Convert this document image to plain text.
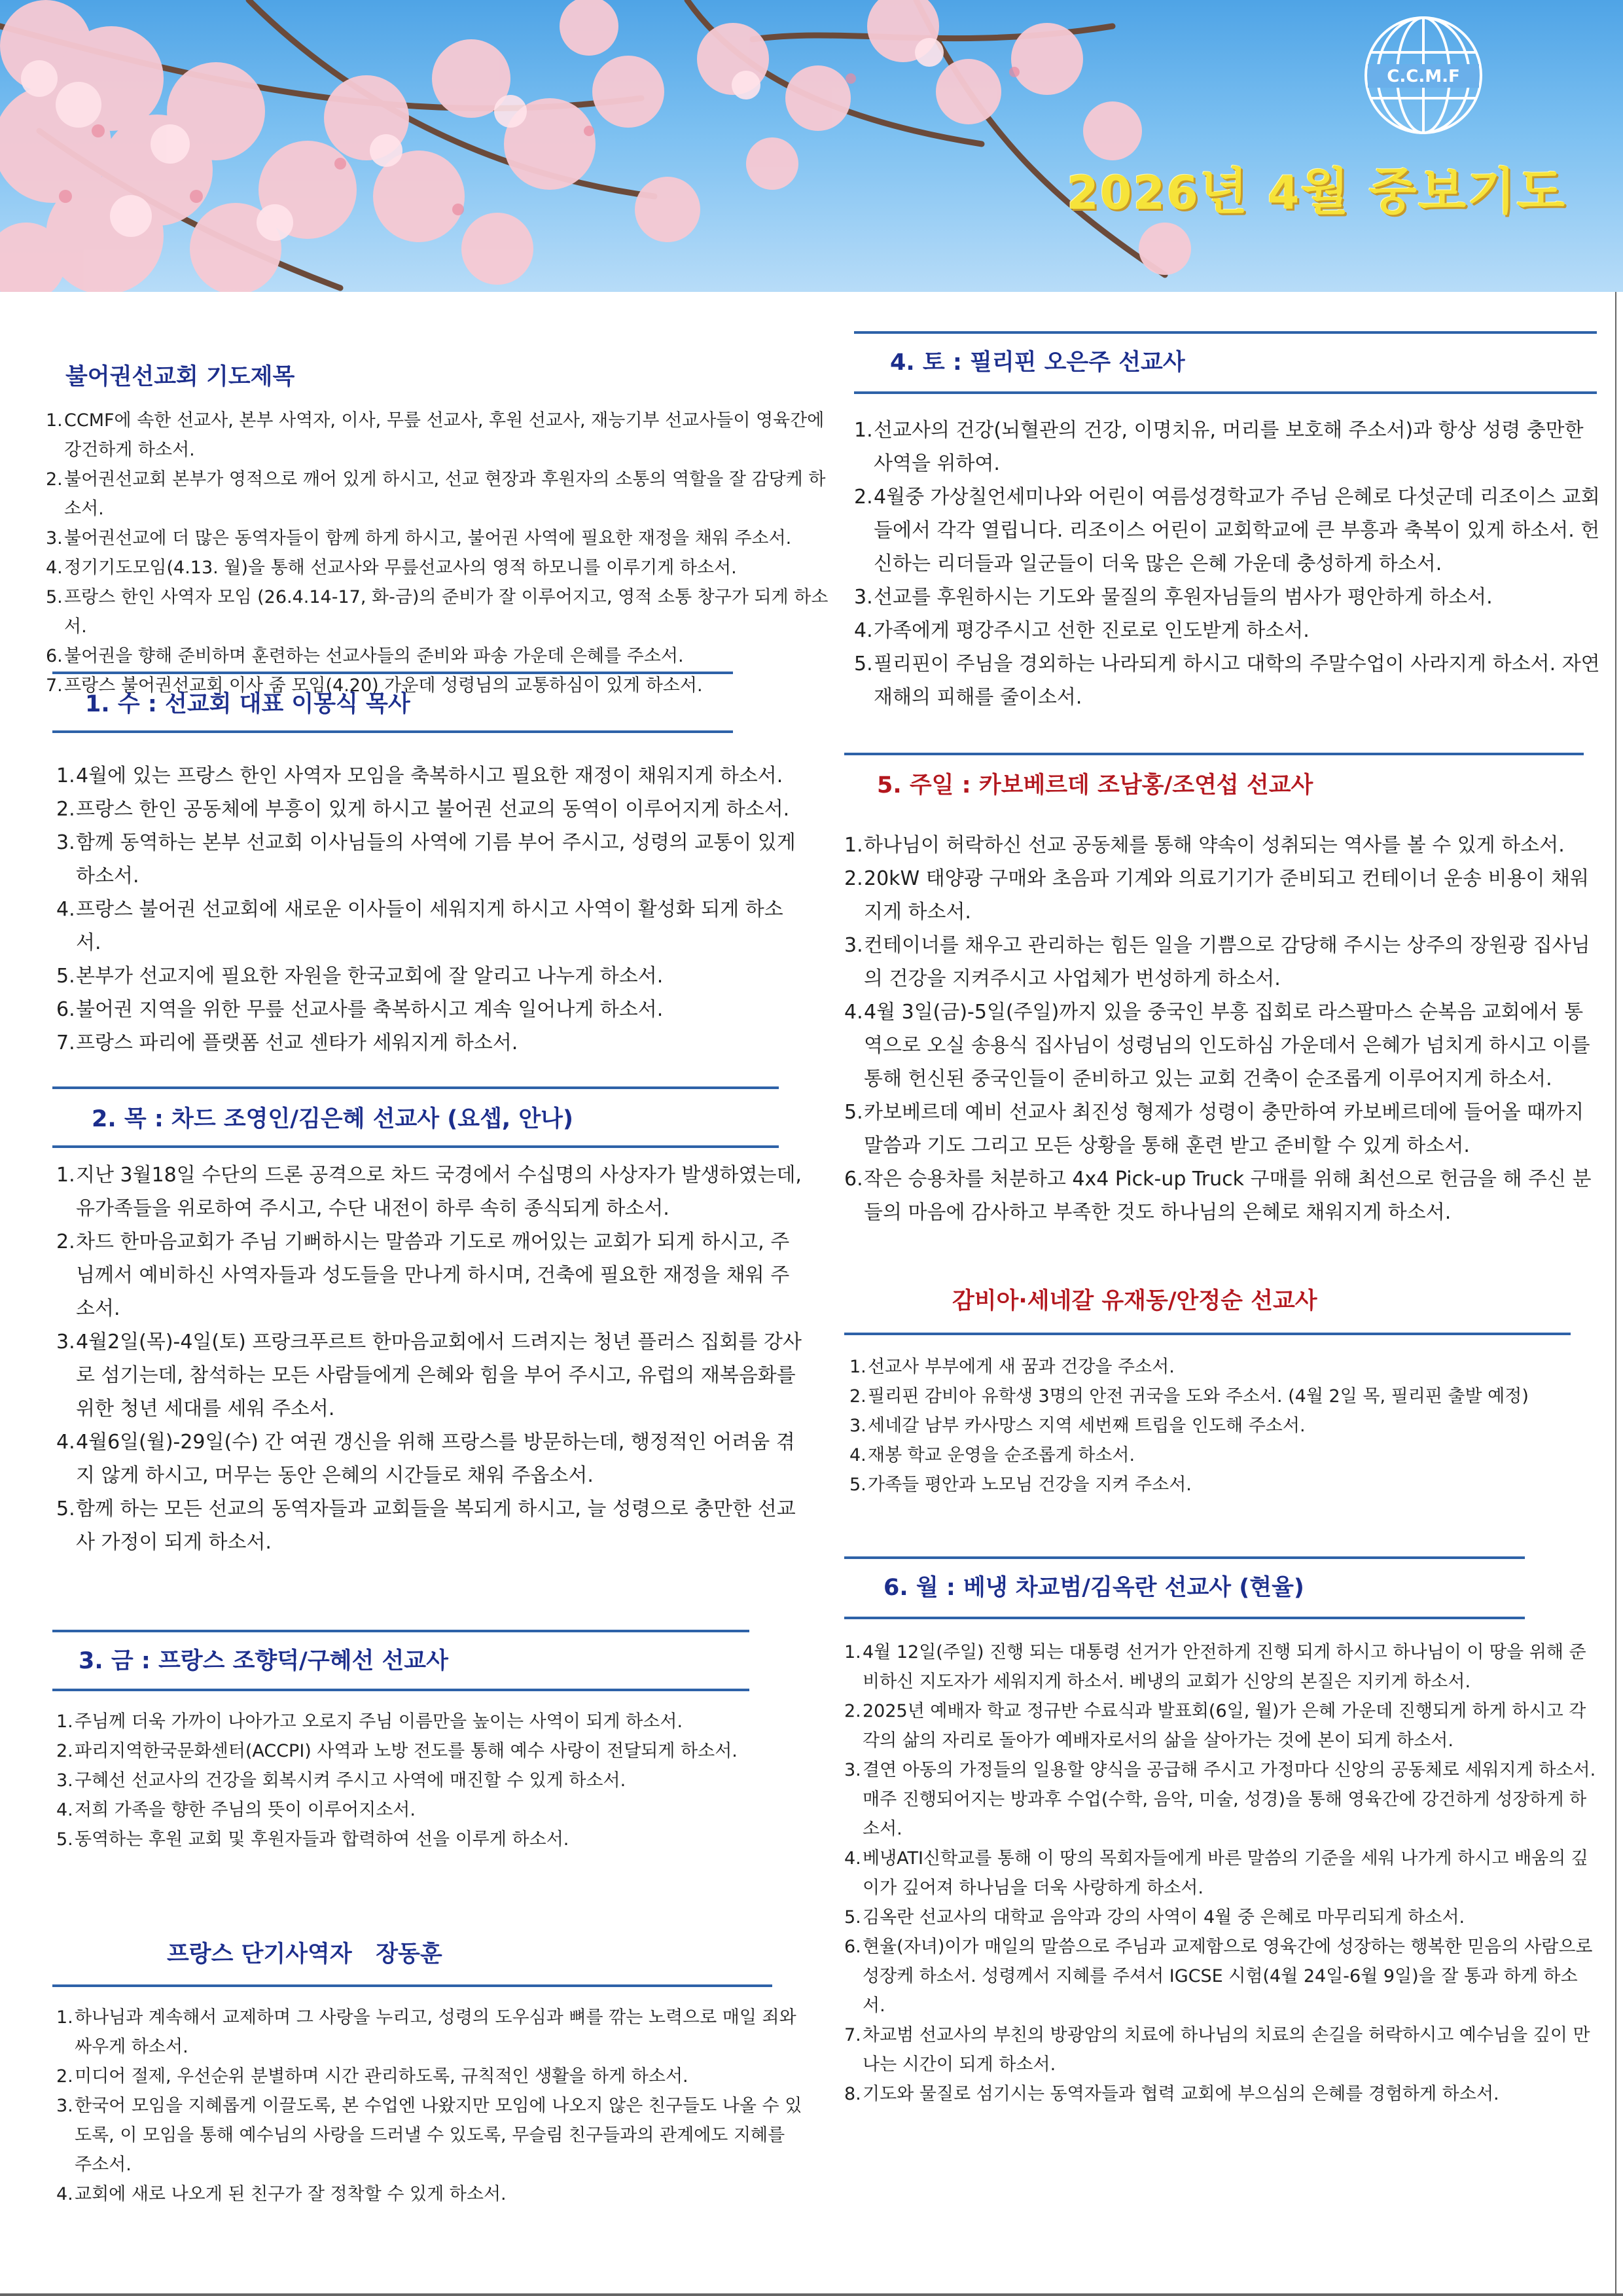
C.C.M.F
2026년 4월 중보기도
불어권선교회 기도제목
1. CCMF에 속한 선교사, 본부 사역자, 이사, 무릎 선교사, 후원 선교사, 재능기부 선교사들이 영육간에 강건하게 하소서.
2. 불어권선교회 본부가 영적으로 깨어 있게 하시고, 선교 현장과 후원자의 소통의 역할을 잘 감당케 하소서.
3. 불어권선교에 더 많은 동역자들이 함께 하게 하시고, 불어권 사역에 필요한 재정을 채워 주소서.
4. 정기기도모임(4.13. 월)을 통해 선교사와 무릎선교사의 영적 하모니를 이루기게 하소서.
5. 프랑스 한인 사역자 모임 (26.4.14-17, 화-금)의 준비가 잘 이루어지고, 영적 소통 창구가 되게 하소서.
6. 불어권을 향해 준비하며 훈련하는 선교사들의 준비와 파송 가운데 은혜를 주소서.
7. 프랑스 불어권선교회 이사 줌 모임(4.20) 가운데 성령님의 교통하심이 있게 하소서.
1. 수 : 선교회 대표 이몽식 목사
1. 4월에 있는 프랑스 한인 사역자 모임을 축복하시고 필요한 재정이 채워지게 하소서.
2. 프랑스 한인 공동체에 부흥이 있게 하시고 불어권 선교의 동역이 이루어지게 하소서.
3. 함께 동역하는 본부 선교회 이사님들의 사역에 기름 부어 주시고, 성령의 교통이 있게 하소서.
4. 프랑스 불어권 선교회에 새로운 이사들이 세워지게 하시고 사역이 활성화 되게 하소서.
5. 본부가 선교지에 필요한 자원을 한국교회에 잘 알리고 나누게 하소서.
6. 불어권 지역을 위한 무릎 선교사를 축복하시고 계속 일어나게 하소서.
7. 프랑스 파리에 플랫폼 선교 센타가 세워지게 하소서.
2. 목 : 차드 조영인/김은혜 선교사 (요셉, 안나)
1. 지난 3월18일 수단의 드론 공격으로 차드 국경에서 수십명의 사상자가 발생하였는데, 유가족들을 위로하여 주시고, 수단 내전이 하루 속히 종식되게 하소서.
2. 차드 한마음교회가 주님 기뻐하시는 말씀과 기도로 깨어있는 교회가 되게 하시고, 주님께서 예비하신 사역자들과 성도들을 만나게 하시며, 건축에 필요한 재정을 채워 주소서.
3. 4월2일(목)-4일(토) 프랑크푸르트 한마음교회에서 드려지는 청년 플러스 집회를 강사로 섬기는데, 참석하는 모든 사람들에게 은혜와 힘을 부어 주시고, 유럽의 재복음화를 위한 청년 세대를 세워 주소서.
4. 4월6일(월)-29일(수) 간 여권 갱신을 위해 프랑스를 방문하는데, 행정적인 어려움 겪지 않게 하시고, 머무는 동안 은혜의 시간들로 채워 주옵소서.
5. 함께 하는 모든 선교의 동역자들과 교회들을 복되게 하시고, 늘 성령으로 충만한 선교사 가정이 되게 하소서.
3. 금 : 프랑스 조향덕/구혜선 선교사
1. 주님께 더욱 가까이 나아가고 오로지 주님 이름만을 높이는 사역이 되게 하소서.
2. 파리지역한국문화센터(ACCPI) 사역과 노방 전도를 통해 예수 사랑이 전달되게 하소서.
3. 구혜선 선교사의 건강을 회복시켜 주시고 사역에 매진할 수 있게 하소서.
4. 저희 가족을 향한 주님의 뜻이 이루어지소서.
5. 동역하는 후원 교회 및 후원자들과 합력하여 선을 이루게 하소서.
프랑스 단기사역자   장동훈
1. 하나님과 계속해서 교제하며 그 사랑을 누리고, 성령의 도우심과 뼈를 깎는 노력으로 매일 죄와 싸우게 하소서.
2. 미디어 절제, 우선순위 분별하며 시간 관리하도록, 규칙적인 생활을 하게 하소서.
3. 한국어 모임을 지혜롭게 이끌도록, 본 수업엔 나왔지만 모임에 나오지 않은 친구들도 나올 수 있도록, 이 모임을 통해 예수님의 사랑을 드러낼 수 있도록, 무슬림 친구들과의 관계에도 지혜를 주소서.
4. 교회에 새로 나오게 된 친구가 잘 정착할 수 있게 하소서.
4. 토 : 필리핀 오은주 선교사
1. 선교사의 건강(뇌혈관의 건강, 이명치유, 머리를 보호해 주소서)과 항상 성령 충만한 사역을 위하여.
2. 4월중 가상칠언세미나와 어린이 여름성경학교가 주님 은혜로 다섯군데 리조이스 교회들에서 각각 열립니다. 리조이스 어린이 교회학교에 큰 부흥과 축복이 있게 하소서. 헌신하는 리더들과 일군들이 더욱 많은 은혜 가운데 충성하게 하소서.
3. 선교를 후원하시는 기도와 물질의 후원자님들의 범사가 평안하게 하소서.
4. 가족에게 평강주시고 선한 진로로 인도받게 하소서.
5. 필리핀이 주님을 경외하는 나라되게 하시고 대학의 주말수업이 사라지게 하소서. 자연재해의 피해를 줄이소서.
5. 주일 : 카보베르데 조남홍/조연섭 선교사
1. 하나님이 허락하신 선교 공동체를 통해 약속이 성취되는 역사를 볼 수 있게 하소서.
2. 20kW 태양광 구매와 초음파 기계와 의료기기가 준비되고 컨테이너 운송 비용이 채워지게 하소서.
3. 컨테이너를 채우고 관리하는 힘든 일을 기쁨으로 감당해 주시는 상주의 장원광 집사님의 건강을 지켜주시고 사업체가 번성하게 하소서.
4. 4월 3일(금)-5일(주일)까지 있을 중국인 부흥 집회로 라스팔마스 순복음 교회에서 통역으로 오실 송용식 집사님이 성령님의 인도하심 가운데서 은혜가 넘치게 하시고 이를 통해 헌신된 중국인들이 준비하고 있는 교회 건축이 순조롭게 이루어지게 하소서.
5. 카보베르데 예비 선교사 최진성 형제가 성령이 충만하여 카보베르데에 들어올 때까지 말씀과 기도 그리고 모든 상황을 통해 훈련 받고 준비할 수 있게 하소서.
6. 작은 승용차를 처분하고 4x4 Pick-up Truck 구매를 위해 최선으로 헌금을 해 주신 분들의 마음에 감사하고 부족한 것도 하나님의 은혜로 채워지게 하소서.
감비아·세네갈 유재동/안정순 선교사
1. 선교사 부부에게 새 꿈과 건강을 주소서.
2. 필리핀 감비아 유학생 3명의 안전 귀국을 도와 주소서. (4월 2일 목, 필리핀 출발 예정)
3. 세네갈 남부 카사망스 지역 세번째 트립을 인도해 주소서.
4. 재봉 학교 운영을 순조롭게 하소서.
5. 가족들 평안과 노모님 건강을 지켜 주소서.
6. 월 : 베냉 차교범/김옥란 선교사 (현율)
1. 4월 12일(주일) 진행 되는 대통령 선거가 안전하게 진행 되게 하시고 하나님이 이 땅을 위해 준비하신 지도자가 세워지게 하소서. 베냉의 교회가 신앙의 본질은 지키게 하소서.
2. 2025년 예배자 학교 정규반 수료식과 발표회(6일, 월)가 은혜 가운데 진행되게 하게 하시고 각각의 삶의 자리로 돌아가 예배자로서의 삶을 살아가는 것에 본이 되게 하소서.
3. 결연 아동의 가정들의 일용할 양식을 공급해 주시고 가정마다 신앙의 공동체로 세워지게 하소서. 매주 진행되어지는 방과후 수업(수학, 음악, 미술, 성경)을 통해 영육간에 강건하게 성장하게 하소서.
4. 베냉ATI신학교를 통해 이 땅의 목회자들에게 바른 말씀의 기준을 세워 나가게 하시고 배움의 깊이가 깊어져 하나님을 더욱 사랑하게 하소서.
5. 김옥란 선교사의 대학교 음악과 강의 사역이 4월 중 은혜로 마무리되게 하소서.
6. 현율(자녀)이가 매일의 말씀으로 주님과 교제함으로 영육간에 성장하는 행복한 믿음의 사람으로 성장케 하소서. 성령께서 지혜를 주셔서 IGCSE 시험(4월 24일-6월 9일)을 잘 통과 하게 하소서.
7. 차교범 선교사의 부친의 방광암의 치료에 하나님의 치료의 손길을 허락하시고 예수님을 깊이 만나는 시간이 되게 하소서.
8. 기도와 물질로 섬기시는 동역자들과 협력 교회에 부으심의 은혜를 경험하게 하소서.
